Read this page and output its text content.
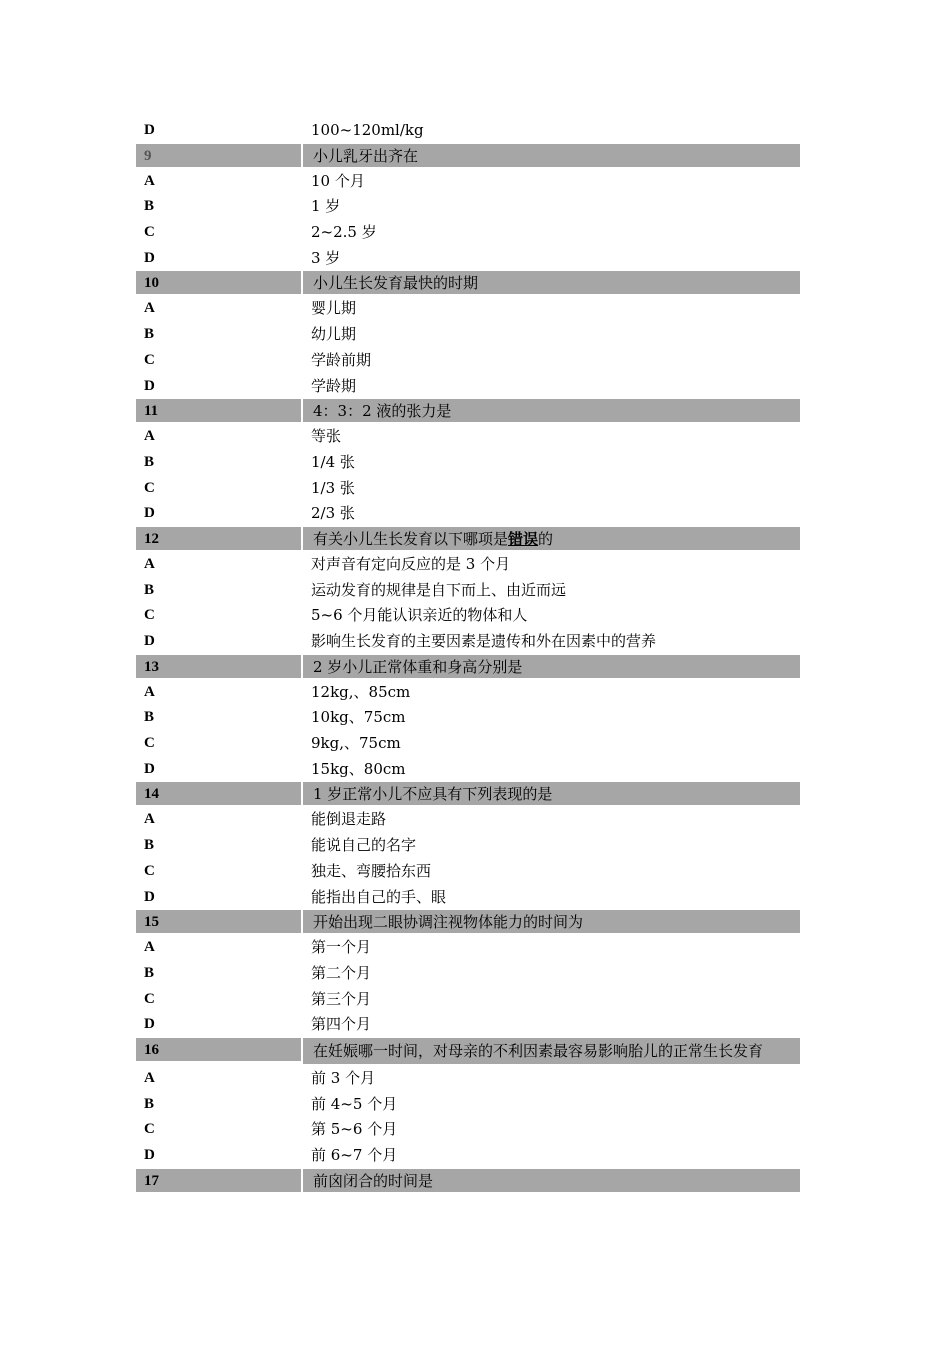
D	100~120ml/kg
9	小儿乳牙出齐在
A	10 个月
B	1 岁
C	2~2.5 岁
D	3 岁
10	小儿生长发育最快的时期
A	婴儿期
B	幼儿期
C	学龄前期
D	学龄期
11	4：3：2 液的张力是
A	等张
B	1/4 张
C	1/3 张
D	2/3 张
12	有关小儿生长发育以下哪项是错误的
A	对声音有定向反应的是 3 个月
B	运动发育的规律是自下而上、由近而远
C	5~6 个月能认识亲近的物体和人
D	影响生长发育的主要因素是遗传和外在因素中的营养
13	2 岁小儿正常体重和身高分别是
A	12kg,、85cm
B	10kg、75cm
C	9kg,、75cm
D	15kg、80cm
14	1 岁正常小儿不应具有下列表现的是
A	能倒退走路
B	能说自己的名字
C	独走、弯腰拾东西
D	能指出自己的手、眼
15	开始出现二眼协调注视物体能力的时间为
A	第一个月
B	第二个月
C	第三个月
D	第四个月
16	在妊娠哪一时间，对母亲的不利因素最容易影响胎儿的正常生长发育
A	前 3 个月
B	前 4~5 个月
C	第 5~6 个月
D	前 6~7 个月
17	前囟闭合的时间是
